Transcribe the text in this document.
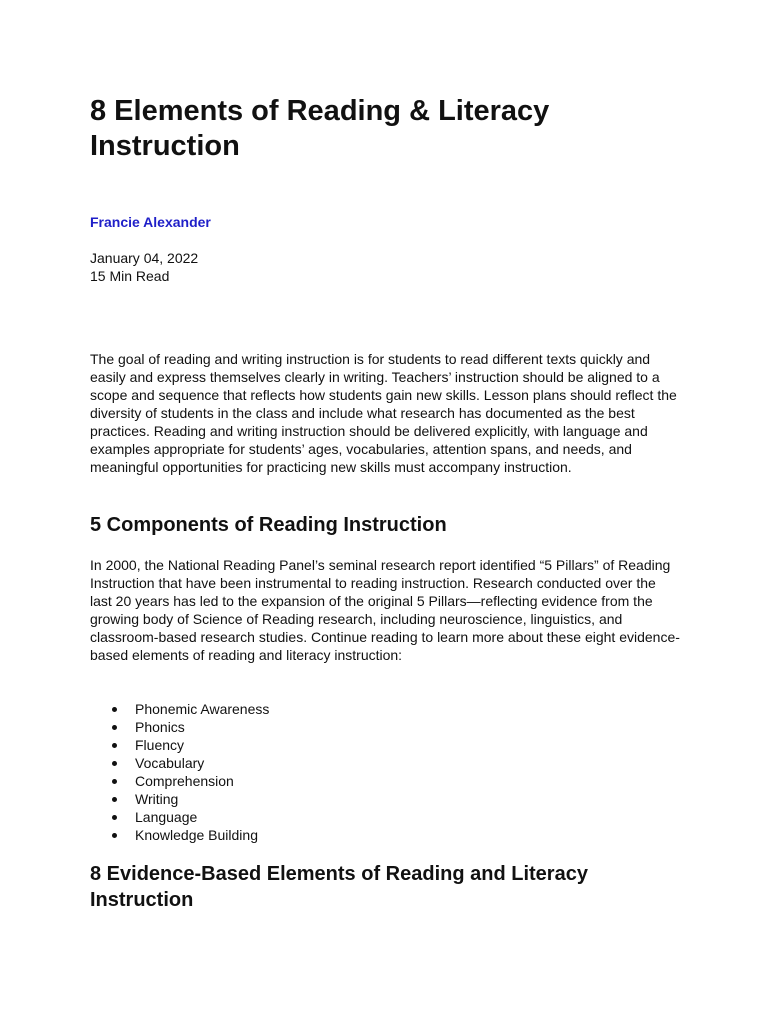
8 Elements of Reading & Literacy Instruction
Francie Alexander
January 04, 2022
15 Min Read

The goal of reading and writing instruction is for students to read different texts quickly and easily and express themselves clearly in writing. Teachers’ instruction should be aligned to a scope and sequence that reflects how students gain new skills. Lesson plans should reflect the diversity of students in the class and include what research has documented as the best practices. Reading and writing instruction should be delivered explicitly, with language and examples appropriate for students’ ages, vocabularies, attention spans, and needs, and meaningful opportunities for practicing new skills must accompany instruction.

5 Components of Reading Instruction

In 2000, the National Reading Panel’s seminal research report identified “5 Pillars” of Reading Instruction that have been instrumental to reading instruction. Research conducted over the last 20 years has led to the expansion of the original 5 Pillars—reflecting evidence from the growing body of Science of Reading research, including neuroscience, linguistics, and classroom-based research studies. Continue reading to learn more about these eight evidence-based elements of reading and literacy instruction:

Phonemic Awareness
Phonics
Fluency
Vocabulary
Comprehension
Writing
Language
Knowledge Building
8 Evidence-Based Elements of Reading and Literacy Instruction
